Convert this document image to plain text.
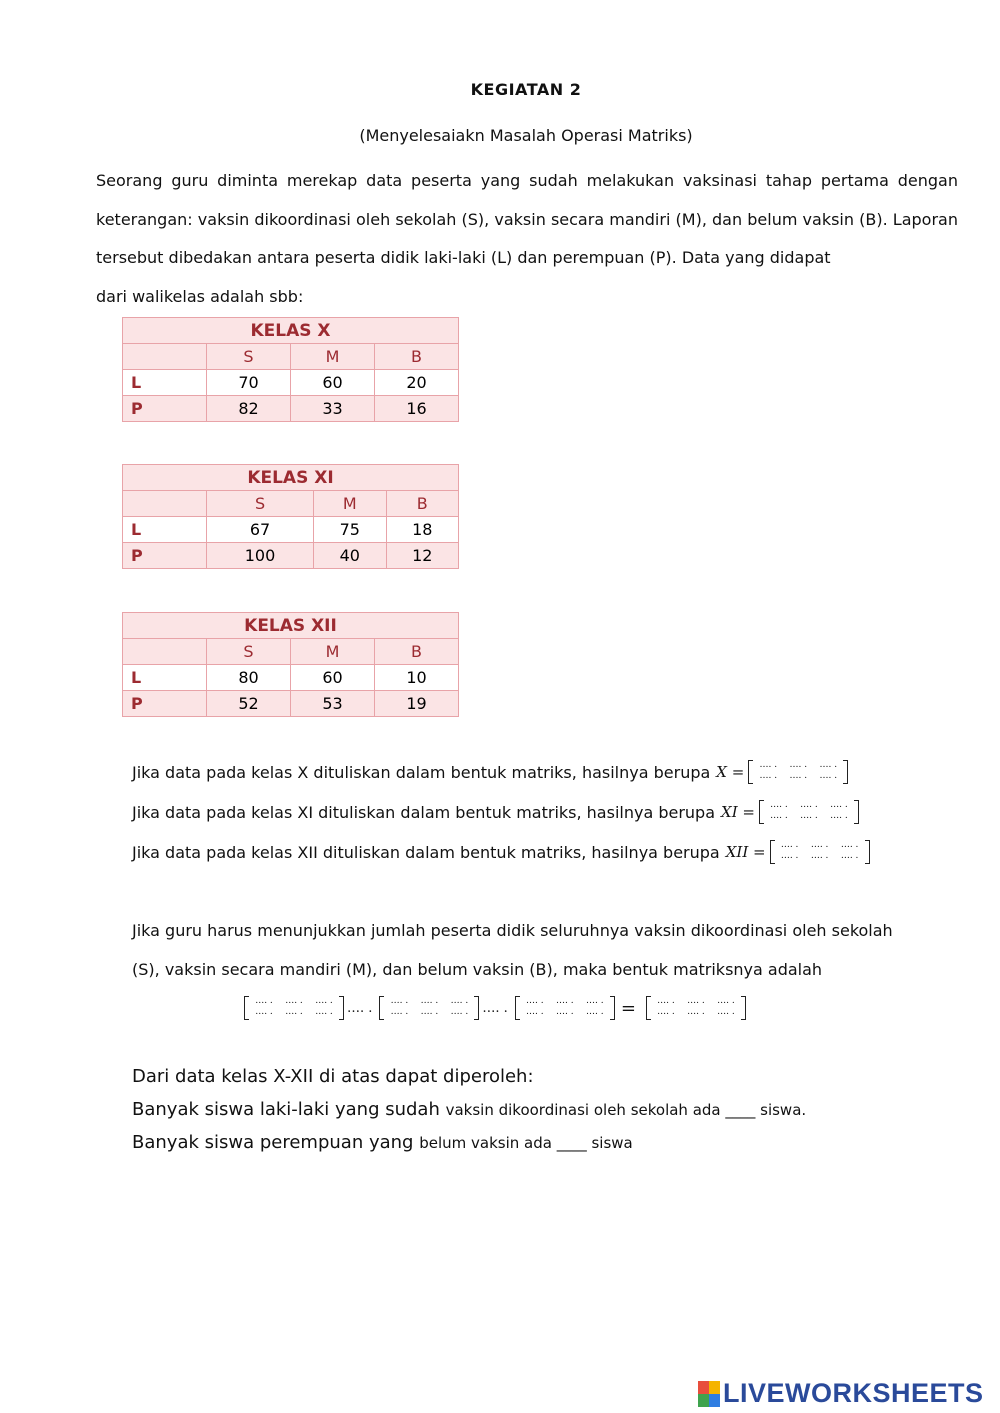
KEGIATAN 2
(Menyelesaiakn Masalah Operasi Matriks)
Seorang guru diminta merekap data peserta yang sudah melakukan vaksinasi tahap pertama dengan keterangan: vaksin dikoordinasi oleh sekolah (S), vaksin secara mandiri (M), dan belum vaksin (B). Laporan tersebut dibedakan antara peserta didik laki-laki (L) dan perempuan (P). Data yang didapat
dari walikelas adalah sbb:
KELAS X			
	S	M	B
L	70	60	20
P	82	33	16
KELAS XI			
	S	M	B
L	67	75	18
P	100	40	12
KELAS XII			
	S	M	B
L	80	60	10
P	52	53	19
Jika data pada kelas X dituliskan dalam bentuk matriks, hasilnya berupa X =	…. .	…. .	…. .
…. .	…. .	…. .
Jika data pada kelas XI dituliskan dalam bentuk matriks, hasilnya berupa XI =	…. .	…. .	…. .
…. .	…. .	…. .
Jika data pada kelas XII dituliskan dalam bentuk matriks, hasilnya berupa XII =	…. .	…. .	…. .
…. .	…. .	…. .
Jika guru harus menunjukkan jumlah peserta didik seluruhnya vaksin dikoordinasi oleh sekolah
(S), vaksin secara mandiri (M), dan belum vaksin (B), maka bentuk matriksnya adalah
…. .	…. .	…. .
…. .	…. .	…. .	…. .	…. .	…. .	…. .
…. .	…. .	…. .	…. .	…. .	…. .	…. .
…. .	…. .	…. . =	…. .	…. .	…. .
…. .	…. .	…. .
Dari data kelas X-XII di atas dapat diperoleh:
Banyak siswa laki-laki yang sudah vaksin dikoordinasi oleh sekolah ada ____ siswa.
Banyak siswa perempuan yang belum vaksin ada ____ siswa
LIVEWORKSHEETS
